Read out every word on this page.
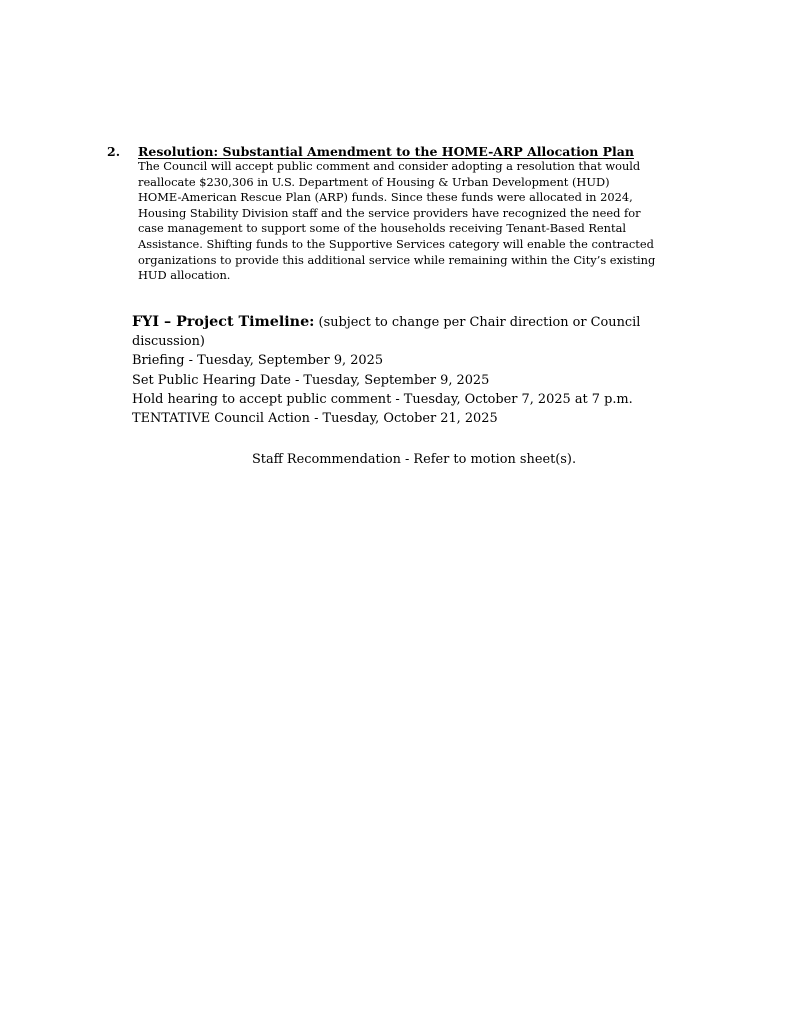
2.	Resolution: Substantial Amendment to the HOME-ARP Allocation Plan
The Council will accept public comment and consider adopting a resolution that would
reallocate $230,306 in U.S. Department of Housing & Urban Development (HUD)
HOME-American Rescue Plan (ARP) funds. Since these funds were allocated in 2024,
Housing Stability Division staff and the service providers have recognized the need for
case management to support some of the households receiving Tenant-Based Rental
Assistance. Shifting funds to the Supportive Services category will enable the contracted
organizations to provide this additional service while remaining within the City’s existing
HUD allocation.
FYI – Project Timeline: (subject to change per Chair direction or Council
discussion)
Briefing - Tuesday, September 9, 2025
Set Public Hearing Date - Tuesday, September 9, 2025
Hold hearing to accept public comment - Tuesday, October 7, 2025 at 7 p.m.
TENTATIVE Council Action - Tuesday, October 21, 2025
Staff Recommendation - Refer to motion sheet(s).
